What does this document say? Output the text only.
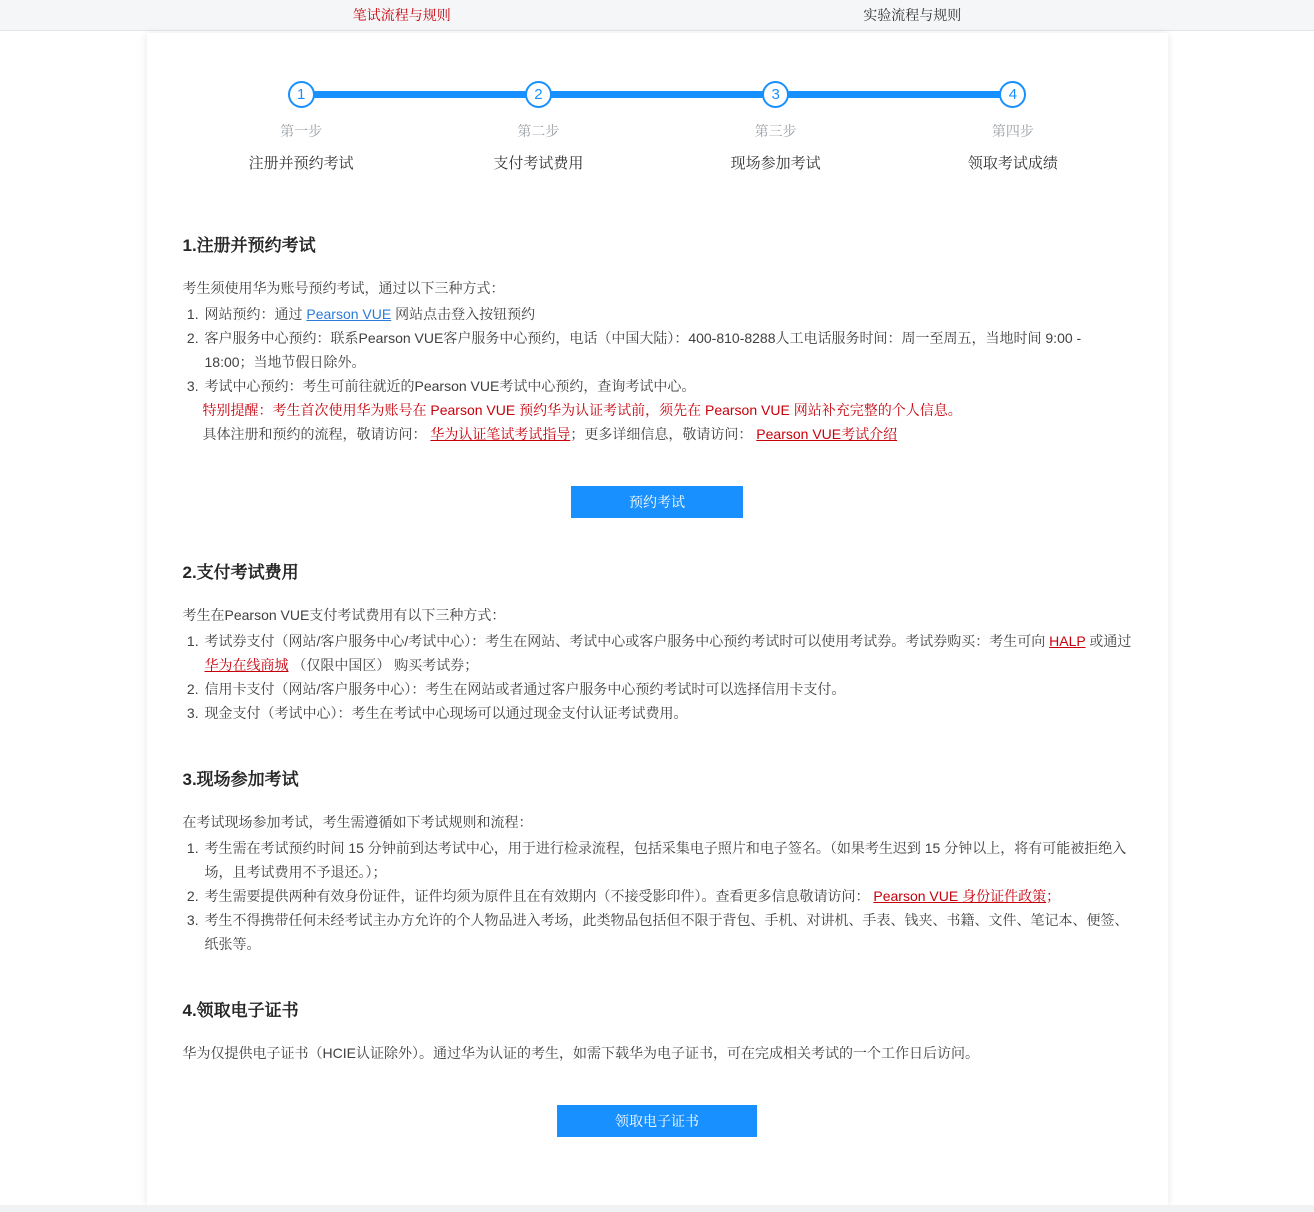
笔试流程与规则	实验流程与规则
1
第一步
注册并预约考试
2
第二步
支付考试费用
3
第三步
现场参加考试
4
第四步
领取考试成绩
1.注册并预约考试

考生须使用华为账号预约考试，通过以下三种方式：

1. 网站预约：通过 Pearson VUE 网站点击登入按钮预约
2. 客户服务中心预约：联系Pearson VUE客户服务中心预约，电话（中国大陆）：400-810-8288人工电话服务时间：周一至周五，当地时间 9:00 - 18:00；当地节假日除外。
3. 考试中心预约：考生可前往就近的Pearson VUE考试中心预约，查询考试中心。
特别提醒：考生首次使用华为账号在 Pearson VUE 预约华为认证考试前，须先在 Pearson VUE 网站补充完整的个人信息。
具体注册和预约的流程，敬请访问： 华为认证笔试考试指导；更多详细信息，敬请访问： Pearson VUE考试介绍
预约考试
2.支付考试费用

考生在Pearson VUE支付考试费用有以下三种方式：

1. 考试券支付（网站/客户服务中心/考试中心）：考生在网站、考试中心或客户服务中心预约考试时可以使用考试券。考试券购买：考生可向 HALP 或通过 华为在线商城 （仅限中国区） 购买考试券；
2. 信用卡支付（网站/客户服务中心）：考生在网站或者通过客户服务中心预约考试时可以选择信用卡支付。
3. 现金支付（考试中心）：考生在考试中心现场可以通过现金支付认证考试费用。
3.现场参加考试

在考试现场参加考试，考生需遵循如下考试规则和流程：

1. 考生需在考试预约时间 15 分钟前到达考试中心，用于进行检录流程，包括采集电子照片和电子签名。（如果考生迟到 15 分钟以上，将有可能被拒绝入场，且考试费用不予退还。）；
2. 考生需要提供两种有效身份证件，证件均须为原件且在有效期内（不接受影印件）。查看更多信息敬请访问： Pearson VUE 身份证件政策；
3. 考生不得携带任何未经考试主办方允许的个人物品进入考场，此类物品包括但不限于背包、手机、对讲机、手表、钱夹、书籍、文件、笔记本、便签、纸张等。
4.领取电子证书

华为仅提供电子证书（HCIE认证除外）。通过华为认证的考生，如需下载华为电子证书，可在完成相关考试的一个工作日后访问。

领取电子证书
